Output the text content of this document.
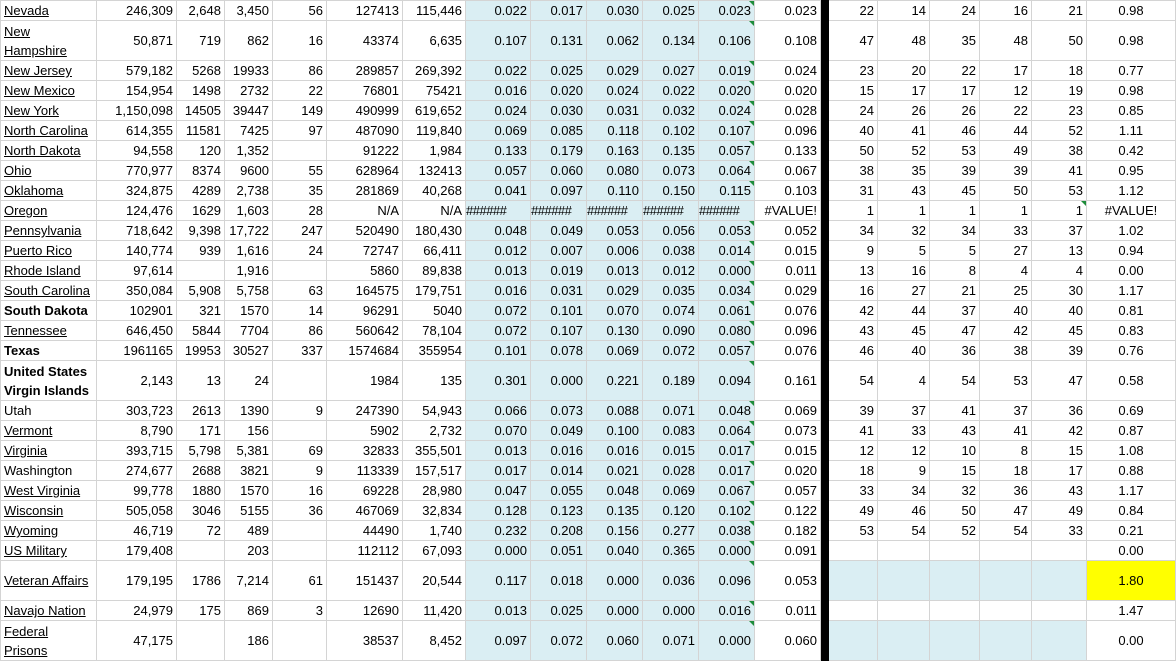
Nevada	246,309	2,648	3,450	56	127413	115,446	0.022	0.017	0.030	0.025	0.023	0.023		22	14	24	16	21	0.98
New Hampshire	50,871	719	862	16	43374	6,635	0.107	0.131	0.062	0.134	0.106	0.108		47	48	35	48	50	0.98
New Jersey	579,182	5268	19933	86	289857	269,392	0.022	0.025	0.029	0.027	0.019	0.024		23	20	22	17	18	0.77
New Mexico	154,954	1498	2732	22	76801	75421	0.016	0.020	0.024	0.022	0.020	0.020		15	17	17	12	19	0.98
New York	1,150,098	14505	39447	149	490999	619,652	0.024	0.030	0.031	0.032	0.024	0.028		24	26	26	22	23	0.85
North Carolina	614,355	11581	7425	97	487090	119,840	0.069	0.085	0.118	0.102	0.107	0.096		40	41	46	44	52	1.11
North Dakota	94,558	120	1,352		91222	1,984	0.133	0.179	0.163	0.135	0.057	0.133		50	52	53	49	38	0.42
Ohio	770,977	8374	9600	55	628964	132413	0.057	0.060	0.080	0.073	0.064	0.067		38	35	39	39	41	0.95
Oklahoma	324,875	4289	2,738	35	281869	40,268	0.041	0.097	0.110	0.150	0.115	0.103		31	43	45	50	53	1.12
Oregon	124,476	1629	1,603	28	N/A	N/A	######	######	######	######	######	#VALUE!		1	1	1	1	1	#VALUE!
Pennsylvania	718,642	9,398	17,722	247	520490	180,430	0.048	0.049	0.053	0.056	0.053	0.052		34	32	34	33	37	1.02
Puerto Rico	140,774	939	1,616	24	72747	66,411	0.012	0.007	0.006	0.038	0.014	0.015		9	5	5	27	13	0.94
Rhode Island	97,614		1,916		5860	89,838	0.013	0.019	0.013	0.012	0.000	0.011		13	16	8	4	4	0.00
South Carolina	350,084	5,908	5,758	63	164575	179,751	0.016	0.031	0.029	0.035	0.034	0.029		16	27	21	25	30	1.17
South Dakota	102901	321	1570	14	96291	5040	0.072	0.101	0.070	0.074	0.061	0.076		42	44	37	40	40	0.81
Tennessee	646,450	5844	7704	86	560642	78,104	0.072	0.107	0.130	0.090	0.080	0.096		43	45	47	42	45	0.83
Texas	1961165	19953	30527	337	1574684	355954	0.101	0.078	0.069	0.072	0.057	0.076		46	40	36	38	39	0.76
United States Virgin Islands	2,143	13	24		1984	135	0.301	0.000	0.221	0.189	0.094	0.161		54	4	54	53	47	0.58
Utah	303,723	2613	1390	9	247390	54,943	0.066	0.073	0.088	0.071	0.048	0.069		39	37	41	37	36	0.69
Vermont	8,790	171	156		5902	2,732	0.070	0.049	0.100	0.083	0.064	0.073		41	33	43	41	42	0.87
Virginia	393,715	5,798	5,381	69	32833	355,501	0.013	0.016	0.016	0.015	0.017	0.015		12	12	10	8	15	1.08
Washington	274,677	2688	3821	9	113339	157,517	0.017	0.014	0.021	0.028	0.017	0.020		18	9	15	18	17	0.88
West Virginia	99,778	1880	1570	16	69228	28,980	0.047	0.055	0.048	0.069	0.067	0.057		33	34	32	36	43	1.17
Wisconsin	505,058	3046	5155	36	467069	32,834	0.128	0.123	0.135	0.120	0.102	0.122		49	46	50	47	49	0.84
Wyoming	46,719	72	489		44490	1,740	0.232	0.208	0.156	0.277	0.038	0.182		53	54	52	54	33	0.21
US Military	179,408		203		112112	67,093	0.000	0.051	0.040	0.365	0.000	0.091							0.00
Veteran Affairs	179,195	1786	7,214	61	151437	20,544	0.117	0.018	0.000	0.036	0.096	0.053							1.80
Navajo Nation	24,979	175	869	3	12690	11,420	0.013	0.025	0.000	0.000	0.016	0.011							1.47
Federal Prisons	47,175		186		38537	8,452	0.097	0.072	0.060	0.071	0.000	0.060							0.00
